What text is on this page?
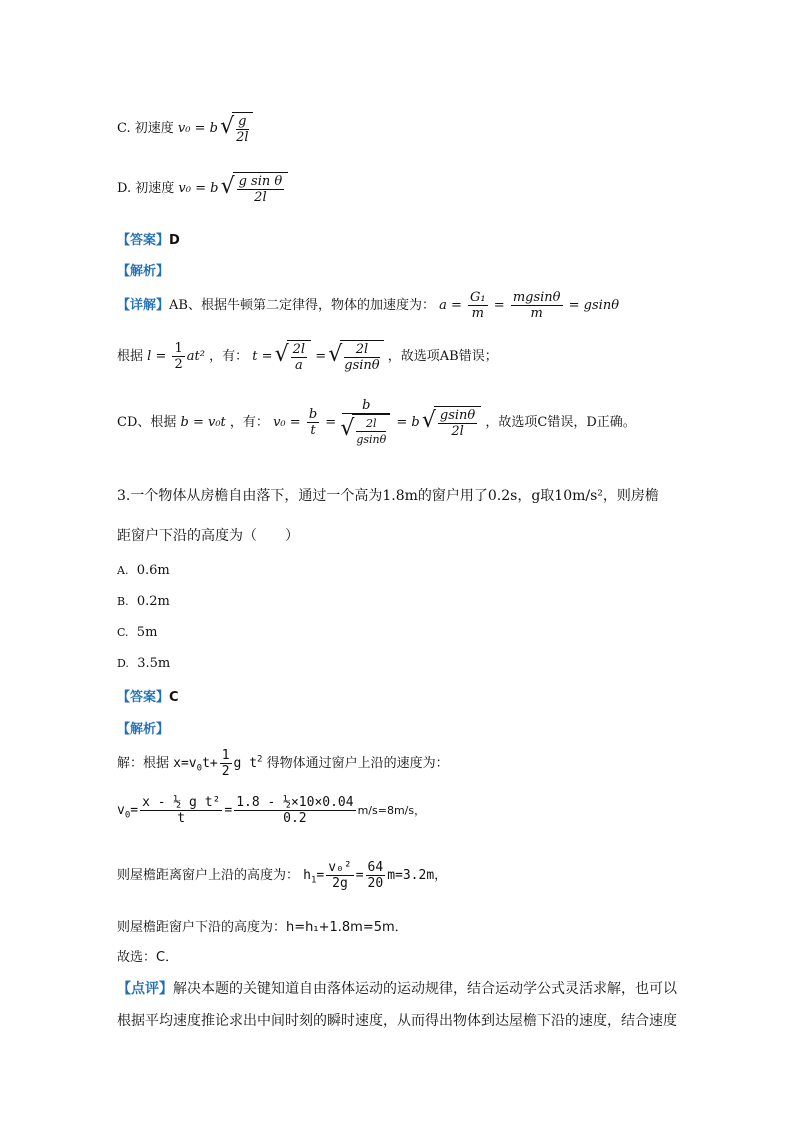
C. 初速度 v₀ = b √ $\frac{g}{2l}$
D. 初速度 v₀ = b √ $\frac{\text{g sin θ}}{2l}$
【答案】D
【解析】
【详解】AB、根据牛顿第二定律得，物体的加速度为： $a = \frac{\text{G₁}}{m} = \frac{mgsin\theta}{m} = gsin\theta$
根据 $l = \frac{1}{2} at^2$ ，有： t = √ $\frac{2l}{a}$ = √ $\frac{2l}{gsin\theta}$ ，故选项AB错误；
CD、根据 b = v₀t ，有： $v_0 = \frac{b}{t} = b$
√ $\frac{2l}{gsin\theta} = b$ √ $\frac{gsin\theta}{2l}$ ，故选项C错误，D正确。
3.一个物体从房檐自由落下，通过一个高为1.8m的窗户用了0.2s，g取10m/s²，则房檐
距窗户下沿的高度为（　　）
A. 0.6m
B. 0.2m
C. 5m
D. 3.5m
【答案】C
【解析】
解：根据 $x=v_0t+ \frac{1}{2}$ g $t^2$ 得物体通过窗户上沿的速度为：
$v_0= \frac{\text{x - ½ g t²}}{t} = \frac{\text{1.8 - ½×10×0.04}}{0.2} m/s=8m/s$，
则屋檐距离窗户上沿的高度为： $h_1= \frac{\text{v₀²}}{2g} = \frac{64}{20} m=3.2m$，
则屋檐距窗户下沿的高度为：h=h₁+1.8m=5m．
故选：C．
【点评】解决本题的关键知道自由落体运动的运动规律，结合运动学公式灵活求解，也可以
根据平均速度推论求出中间时刻的瞬时速度，从而得出物体到达屋檐下沿的速度，结合速度
